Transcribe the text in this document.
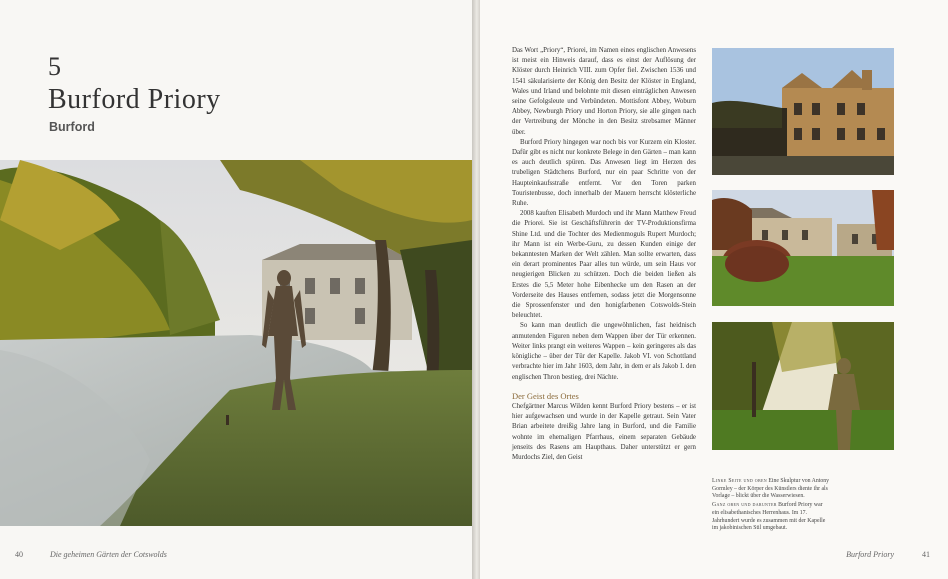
5
Burford Priory
Burford
40	Die geheimen Gärten der Cotswolds

Das Wort „Priory“, Priorei, im Namen eines englischen Anwesens ist meist ein Hinweis darauf, dass es einst der Auflösung der Klöster durch Heinrich VIII. zum Opfer fiel. Zwischen 1536 und 1541 säkularisierte der König den Besitz der Klöster in England, Wales und Irland und belohnte mit diesen einträglichen Anwesen seine Gefolgsleute und Verbündeten. Mottisfont Abbey, Woburn Abbey, Newburgh Priory und Horton Priory, sie alle gingen nach der Vertreibung der Mönche in den Besitz strebsamer Männer über.

Burford Priory hingegen war noch bis vor Kurzem ein Kloster. Dafür gibt es nicht nur konkrete Belege in den Gärten – man kann es auch deutlich spüren. Das Anwesen liegt im Herzen des trubeligen Städtchens Burford, nur ein paar Schritte von der Haupteinkaufsstraße entfernt. Vor den Toren parken Touristenbusse, doch innerhalb der Mauern herrscht klösterliche Ruhe.

2008 kauften Elisabeth Murdoch und ihr Mann Matthew Freud die Priorei. Sie ist Geschäftsführerin der TV-Produktionsfirma Shine Ltd. und die Tochter des Medienmoguls Rupert Murdoch; ihr Mann ist ein Werbe-Guru, zu dessen Kunden einige der bekanntesten Marken der Welt zählen. Man sollte erwarten, dass ein derart prominentes Paar alles tun würde, um sein Haus vor neugierigen Blicken zu schützen. Doch die beiden ließen als Erstes die 5,5 Meter hohe Eibenhecke um den Rasen an der Vorderseite des Hauses entfernen, sodass jetzt die Morgensonne die Sprossenfenster und den honigfarbenen Cotswolds-Stein beleuchtet.

So kann man deutlich die ungewöhnlichen, fast heidnisch anmutenden Figuren neben dem Wappen über der Tür erkennen. Weiter links prangt ein weiteres Wappen – kein geringeres als das königliche – über der Tür der Kapelle. Jakob VI. von Schottland verbrachte hier im Jahr 1603, dem Jahr, in dem er als Jakob I. den englischen Thron bestieg, drei Nächte.

Der Geist des Ortes

Chefgärtner Marcus Wilden kennt Burford Priory bestens – er ist hier aufgewachsen und wurde in der Kapelle getraut. Sein Vater Brian arbeitete dreißig Jahre lang in Burford, und die Familie wohnte im ehemaligen Pfarrhaus, einem separaten Gebäude jenseits des Rasens am Haupthaus. Daher unterstützt er gern Murdochs Ziel, den Geist

Linke Seite und oben Eine Skulptur von Antony Gormley – der Körper des Künstlers diente ihr als Vorlage – blickt über die Wasserwiesen.

Ganz oben und darunter Burford Priory war ein elisabethanisches Herrenhaus. Im 17. Jahrhundert wurde es zusammen mit der Kapelle im jakobinischen Stil umgebaut.

Burford Priory	41
